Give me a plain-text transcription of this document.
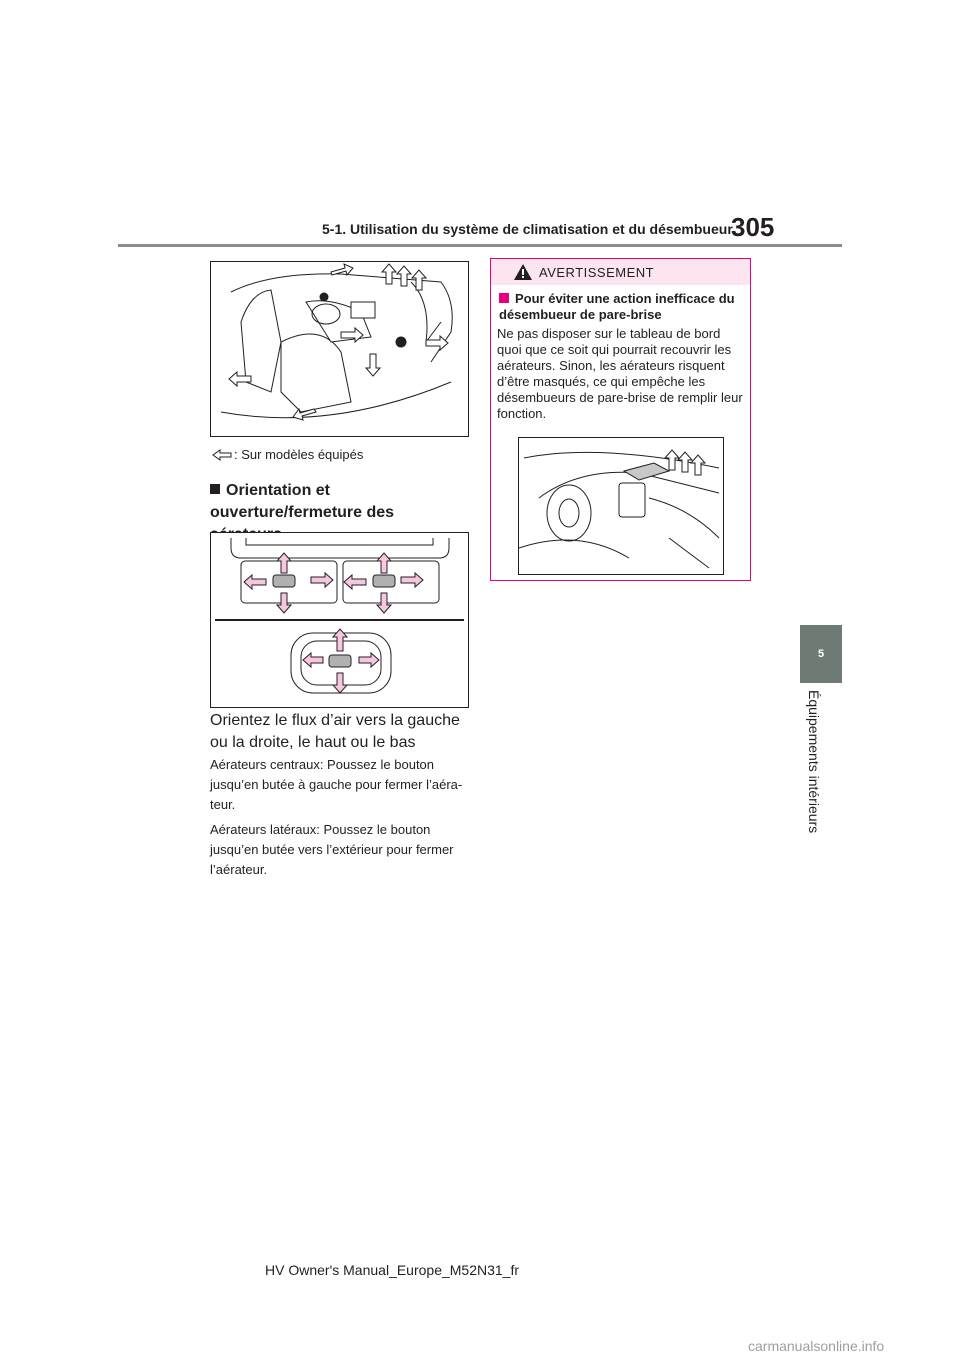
5-1. Utilisation du système de climatisation et du désembueur
305
: Sur modèles équipés
Orientation et ouverture/fermeture des
Orientez le flux d’air vers la gauche ou la droite, le haut ou le bas
Aérateurs centraux: Poussez le bouton jusqu’en butée à gauche pour fermer l’aéra-teur.
Aérateurs latéraux: Poussez le bouton jusqu’en butée vers l’extérieur pour fermer l’aérateur.
AVERTISSEMENT
Pour éviter une action inefficace du désembueur de pare-brise
Ne pas disposer sur le tableau de bord quoi que ce soit qui pourrait recouvrir les aérateurs. Sinon, les aérateurs risquent d’être masqués, ce qui empêche les désembueurs de pare-brise de remplir leur fonction.
5
Équipements intérieurs
HV Owner's Manual_Europe_M52N31_fr
carmanualsonline.info
